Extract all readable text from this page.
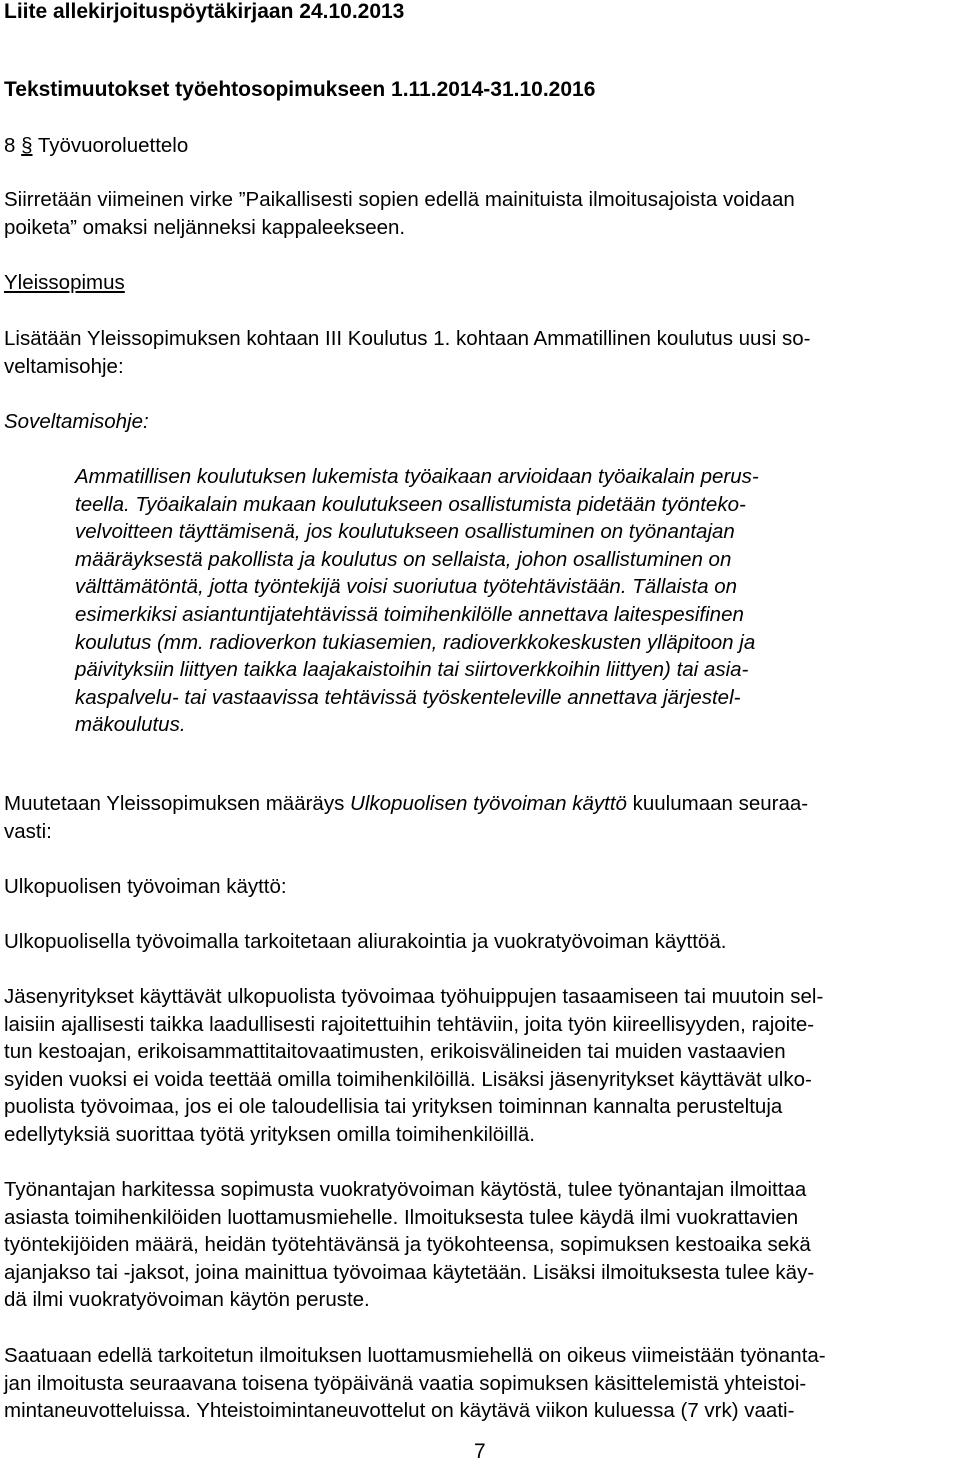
Liite allekirjoituspöytäkirjaan 24.10.2013
Tekstimuutokset työehtosopimukseen 1.11.2014-31.10.2016
8 § Työvuoroluettelo
Siirretään viimeinen virke ”Paikallisesti sopien edellä mainituista ilmoitusajoista voidaan
poiketa” omaksi neljänneksi kappaleekseen.
Yleissopimus
Lisätään Yleissopimuksen kohtaan III Koulutus 1. kohtaan Ammatillinen koulutus uusi so-
veltamisohje:
Soveltamisohje:
Ammatillisen koulutuksen lukemista työaikaan arvioidaan työaikalain perus-
teella. Työaikalain mukaan koulutukseen osallistumista pidetään työnteko-
velvoitteen täyttämisenä, jos koulutukseen osallistuminen on työnantajan
määräyksestä pakollista ja koulutus on sellaista, johon osallistuminen on
välttämätöntä, jotta työntekijä voisi suoriutua työtehtävistään. Tällaista on
esimerkiksi asiantuntijatehtävissä toimihenkilölle annettava laitespesifinen
koulutus (mm. radioverkon tukiasemien, radioverkkokeskusten ylläpitoon ja
päivityksiin liittyen taikka laajakaistoihin tai siirtoverkkoihin liittyen) tai asia-
kaspalvelu- tai vastaavissa tehtävissä työskenteleville annettava järjestel-
mäkoulutus.
Muutetaan Yleissopimuksen määräys Ulkopuolisen työvoiman käyttö kuulumaan seuraa-
vasti:
Ulkopuolisen työvoiman käyttö:
Ulkopuolisella työvoimalla tarkoitetaan aliurakointia ja vuokratyövoiman käyttöä.
Jäsenyritykset käyttävät ulkopuolista työvoimaa työhuippujen tasaamiseen tai muutoin sel-
laisiin ajallisesti taikka laadullisesti rajoitettuihin tehtäviin, joita työn kiireellisyyden, rajoite-
tun kestoajan, erikoisammattitaitovaatimusten, erikoisvälineiden tai muiden vastaavien
syiden vuoksi ei voida teettää omilla toimihenkilöillä. Lisäksi jäsenyritykset käyttävät ulko-
puolista työvoimaa, jos ei ole taloudellisia tai yrityksen toiminnan kannalta perusteltuja
edellytyksiä suorittaa työtä yrityksen omilla toimihenkilöillä.
Työnantajan harkitessa sopimusta vuokratyövoiman käytöstä, tulee työnantajan ilmoittaa
asiasta toimihenkilöiden luottamusmiehelle. Ilmoituksesta tulee käydä ilmi vuokrattavien
työntekijöiden määrä, heidän työtehtävänsä ja työkohteensa, sopimuksen kestoaika sekä
ajanjakso tai -jaksot, joina mainittua työvoimaa käytetään. Lisäksi ilmoituksesta tulee käy-
dä ilmi vuokratyövoiman käytön peruste.
Saatuaan edellä tarkoitetun ilmoituksen luottamusmiehellä on oikeus viimeistään työnanta-
jan ilmoitusta seuraavana toisena työpäivänä vaatia sopimuksen käsittelemistä yhteistoi-
mintaneuvotteluissa. Yhteistoimintaneuvottelut on käytävä viikon kuluessa (7 vrk) vaati-
7
